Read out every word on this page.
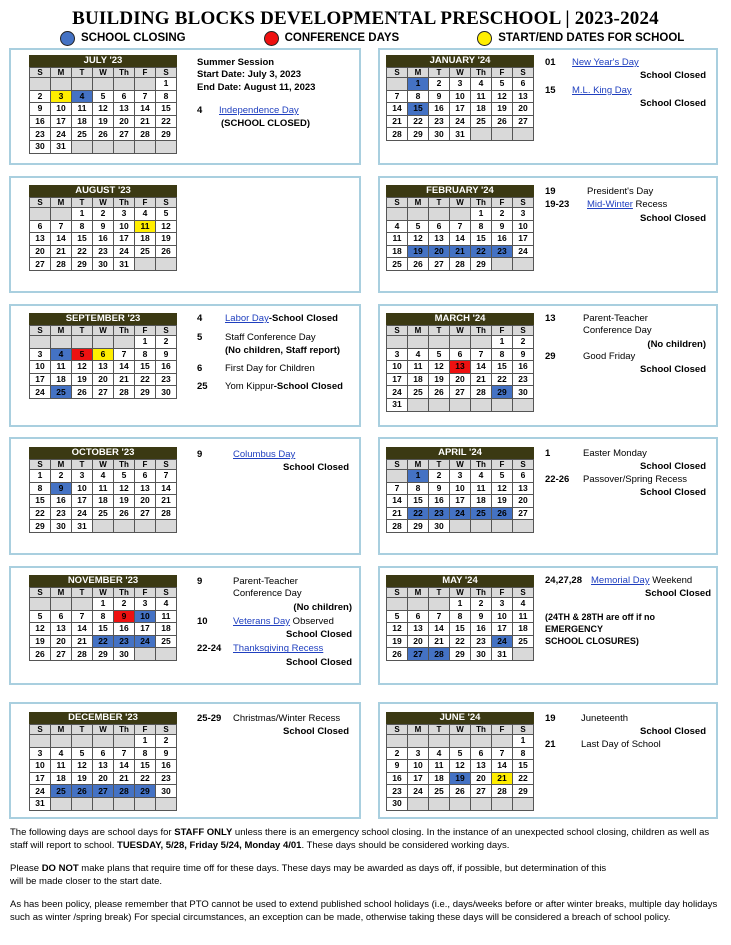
BUILDING BLOCKS DEVELOPMENTAL PRESCHOOL | 2023-2024
SCHOOL CLOSING	CONFERENCE DAYS	START/END DATES FOR SCHOOL
JULY '23
S	M	T	W	Th	F	S
						1
2	3	4	5	6	7	8
9	10	11	12	13	14	15
16	17	18	19	20	21	22
23	24	25	26	27	28	29
30	31					
AUGUST '23
S	M	T	W	Th	F	S
		1	2	3	4	5
6	7	8	9	10	11	12
13	14	15	16	17	18	19
20	21	22	23	24	25	26
27	28	29	30	31		
SEPTEMBER '23
S	M	T	W	Th	F	S
					1	2
3	4	5	6	7	8	9
10	11	12	13	14	15	16
17	18	19	20	21	22	23
24	25	26	27	28	29	30
OCTOBER '23
S	M	T	W	Th	F	S
1	2	3	4	5	6	7
8	9	10	11	12	13	14
15	16	17	18	19	20	21
22	23	24	25	26	27	28
29	30	31				
NOVEMBER '23
S	M	T	W	Th	F	S
			1	2	3	4
5	6	7	8	9	10	11
12	13	14	15	16	17	18
19	20	21	22	23	24	25
26	27	28	29	30		
DECEMBER '23
S	M	T	W	Th	F	S
					1	2
3	4	5	6	7	8	9
10	11	12	13	14	15	16
17	18	19	20	21	22	23
24	25	26	27	28	29	30
31						
JANUARY '24
S	M	T	W	Th	F	S
	1	2	3	4	5	6
7	8	9	10	11	12	13
14	15	16	17	18	19	20
21	22	23	24	25	26	27
28	29	30	31			
FEBRUARY '24
S	M	T	W	Th	F	S
				1	2	3
4	5	6	7	8	9	10
11	12	13	14	15	16	17
18	19	20	21	22	23	24
25	26	27	28	29		
MARCH '24
S	M	T	W	Th	F	S
					1	2
3	4	5	6	7	8	9
10	11	12	13	14	15	16
17	18	19	20	21	22	23
24	25	26	27	28	29	30
31						
APRIL '24
S	M	T	W	Th	F	S
	1	2	3	4	5	6
7	8	9	10	11	12	13
14	15	16	17	18	19	20
21	22	23	24	25	26	27
28	29	30				
MAY '24
S	M	T	W	Th	F	S
			1	2	3	4
5	6	7	8	9	10	11
12	13	14	15	16	17	18
19	20	21	22	23	24	25
26	27	28	29	30	31	
JUNE '24
S	M	T	W	Th	F	S
						1
2	3	4	5	6	7	8
9	10	11	12	13	14	15
16	17	18	19	20	21	22
23	24	25	26	27	28	29
30						
Summer Session
Start Date: July 3, 2023
End Date: August 11, 2023
4	Independence Day
(SCHOOL CLOSED)
4	Labor Day-School Closed
5	Staff Conference Day
(No children, Staff report)
6	First Day for Children
25	Yom Kippur-School Closed
9	Columbus Day
School Closed
9	Parent-Teacher
Conference Day
(No children)
10	Veterans Day Observed
School Closed
22-24	Thanksgiving Recess
School Closed
25-29	Christmas/Winter Recess
School Closed
01	New Year's Day
School Closed
15	M.L. King Day
School Closed
19	President's Day
19-23	Mid-Winter Recess
School Closed
13	Parent-Teacher
Conference Day
(No children)
29	Good Friday
School Closed
1	Easter Monday
School Closed
22-26	Passover/Spring Recess
School Closed
24,27,28 Memorial Day Weekend
School Closed
(24TH & 28TH are off if no EMERGENCY
SCHOOL CLOSURES)
19	Juneteenth
School Closed
21	Last Day of School
The following days are school days for STAFF ONLY unless there is an emergency school closing. In the instance of an unexpected school closing, children as well as staff will report to school. TUESDAY, 5/28, Friday 5/24, Monday 4/01. These days should be considered working days.
Please DO NOT make plans that require time off for these days. These days may be awarded as days off, if possible, but determination of this will be made closer to the start date.
As has been policy, please remember that PTO cannot be used to extend published school holidays (i.e., days/weeks before or after winter breaks, multiple day holidays such as winter /spring break) For special circumstances, an exception can be made, otherwise taking these days will be considered a breach of school policy.
